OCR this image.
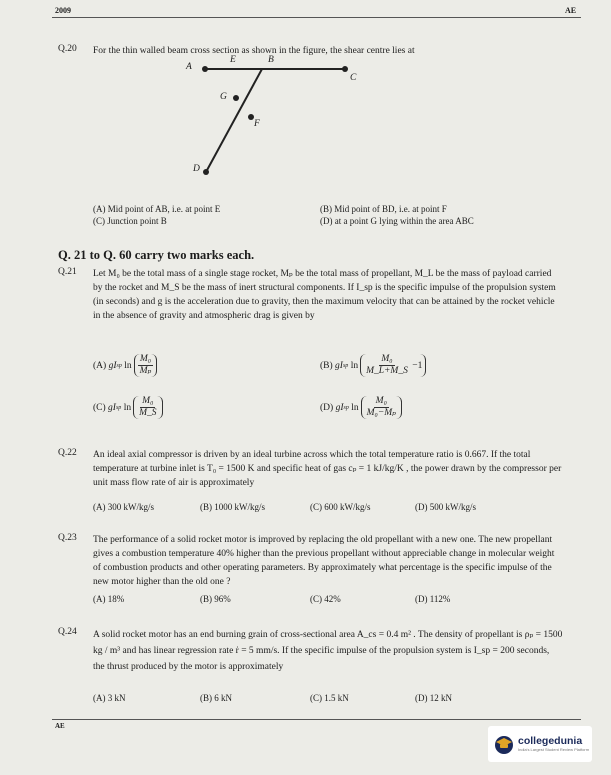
2009	AE
Q.20 For the thin walled beam cross section as shown in the figure, the shear centre lies at
A
E	B
C
G
F
D
(A) Mid point of AB, i.e. at point E	(B) Mid point of BD, i.e. at point F
(C) Junction point B	(D) at a point G lying within the area ABC
Q. 21 to Q. 60 carry two marks each.
Q.21 Let M₀ be the total mass of a single stage rocket, Mₚ be the total mass of propellant, M_L be the mass of payload carried by the rocket and M_S be the mass of inert structural components. If I_sp is the specific impulse of the propulsion system (in seconds) and g is the acceleration due to gravity, then the maximum velocity that can be attained by the rocket vehicle in the absence of gravity and atmospheric drag is given by
(A)
gI sp
$\ln \frac{\text{M₀}}{\text{Mₚ}}$	(B)
gI sp
$\ln \frac{\text{M₀}}{M\_L+M\_S}$
−1
(C)
gI sp
$\ln \frac{\text{M₀}}{M\_S}$	(D)
gI sp
$\ln \frac{\text{M₀}}{\text{M₀−Mₚ}}$
Q.22 An ideal axial compressor is driven by an ideal turbine across which the total temperature ratio is 0.667. If the total temperature at turbine inlet is T₀ = 1500 K and specific heat of gas cₚ = 1 kJ/kg/K , the power drawn by the compressor per unit mass flow rate of air is approximately
(A) 300 kW/kg/s	(B) 1000 kW/kg/s	(C) 600 kW/kg/s	(D) 500 kW/kg/s
Q.23 The performance of a solid rocket motor is improved by replacing the old propellant with a new one. The new propellant gives a combustion temperature 40% higher than the previous propellant without appreciable change in molecular weight of combustion products and other operating parameters. By approximately what percentage is the specific impulse of the new motor higher than the old one ?
(A) 18%	(B) 96%	(C) 42%	(D) 112%
Q.24 A solid rocket motor has an end burning grain of cross-sectional area A_cs = 0.4 m² . The density of propellant is ρₚ = 1500 kg / m³ and has linear regression rate ṙ = 5 mm/s. If the specific impulse of the propulsion system is I_sp = 200 seconds, the thrust produced by the motor is approximately
(A) 3 kN	(B) 6 kN	(C) 1.5 kN	(D) 12 kN
AE
collegedunia
India's Largest Student Review Platform
